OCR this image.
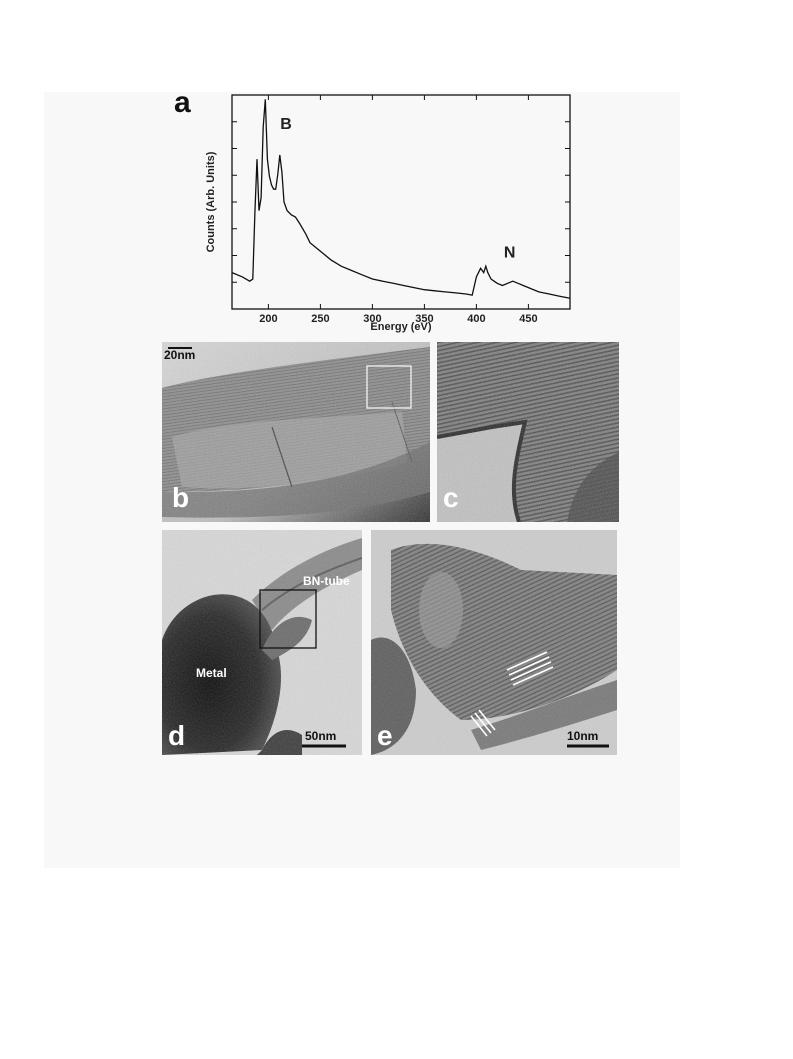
a
200	250	300	350	400	450
B
N
Energy (eV)
Counts (Arb. Units)
20nm
b	c
BN-tube
Metal
50nm
d	10nm
e
